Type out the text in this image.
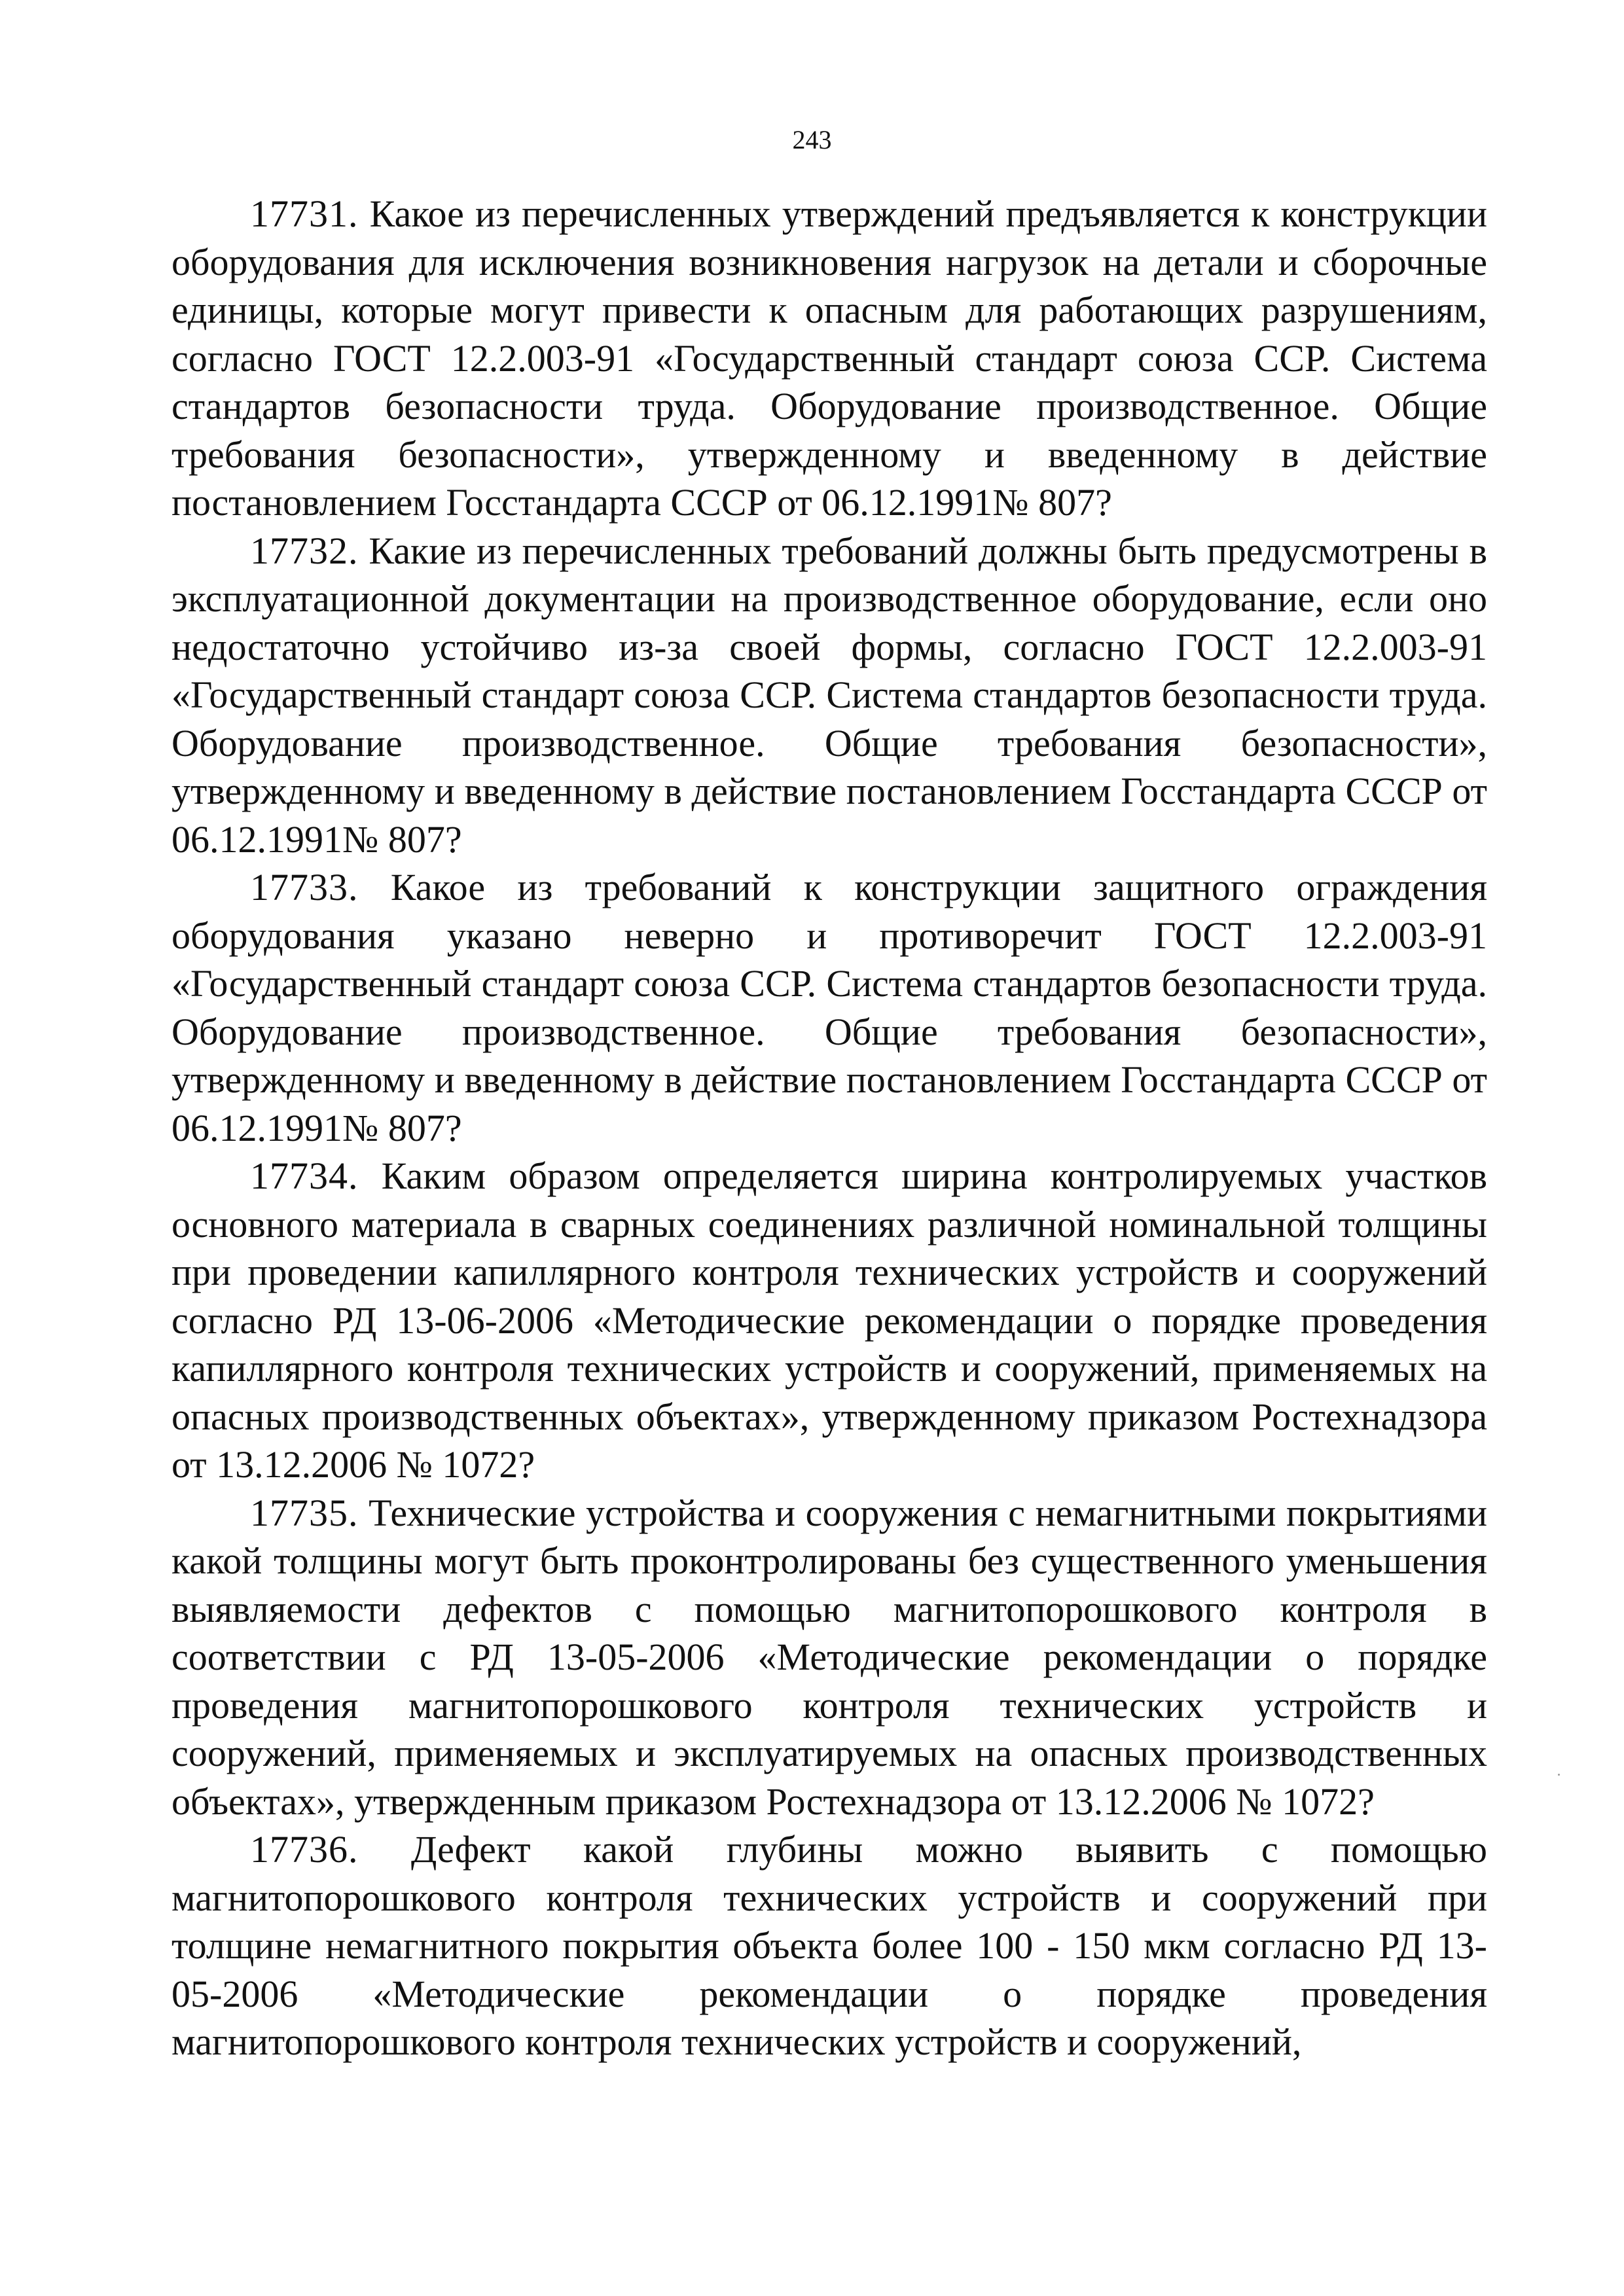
243

17731. Какое из перечисленных утверждений предъявляется к конструкции оборудования для исключения возникновения нагрузок на детали и сборочные единицы, которые могут привести к опасным для работающих разрушениям, согласно ГОСТ 12.2.003-91 «Государственный стандарт союза ССР. Система стандартов безопасности труда. Оборудование производственное. Общие требования безопасности», утвержденному и введенному в действие постановлением Госстандарта СССР от 06.12.1991№ 807?

17732. Какие из перечисленных требований должны быть предусмотрены в эксплуатационной документации на производственное оборудование, если оно недостаточно устойчиво из-за своей формы, согласно ГОСТ 12.2.003-91 «Государственный стандарт союза ССР. Система стандартов безопасности труда. Оборудование производственное. Общие требования безопасности», утвержденному и введенному в действие постановлением Госстандарта СССР от 06.12.1991№ 807?

17733. Какое из требований к конструкции защитного ограждения оборудования указано неверно и противоречит ГОСТ 12.2.003-91 «Государственный стандарт союза ССР. Система стандартов безопасности труда. Оборудование производственное. Общие требования безопасности», утвержденному и введенному в действие постановлением Госстандарта СССР от 06.12.1991№ 807?

17734. Каким образом определяется ширина контролируемых участков основного материала в сварных соединениях различной номинальной толщины при проведении капиллярного контроля технических устройств и сооружений согласно РД 13-06-2006 «Методические рекомендации о порядке проведения капиллярного контроля технических устройств и сооружений, применяемых на опасных производственных объектах», утвержденному приказом Ростехнадзора от 13.12.2006 № 1072?

17735. Технические устройства и сооружения с немагнитными покрытиями какой толщины могут быть проконтролированы без существенного уменьшения выявляемости дефектов с помощью магнитопорошкового контроля в соответствии с РД 13-05-2006 «Методические рекомендации о порядке проведения магнитопорошкового контроля технических устройств и сооружений, применяемых и эксплуатируемых на опасных производственных объектах», утвержденным приказом Ростехнадзора от 13.12.2006 № 1072?

17736. Дефект какой глубины можно выявить с помощью магнитопорошкового контроля технических устройств и сооружений при толщине немагнитного покрытия объекта более 100 - 150 мкм согласно РД 13-05-2006 «Методические рекомендации о порядке проведения магнитопорошкового контроля технических устройств и сооружений,
